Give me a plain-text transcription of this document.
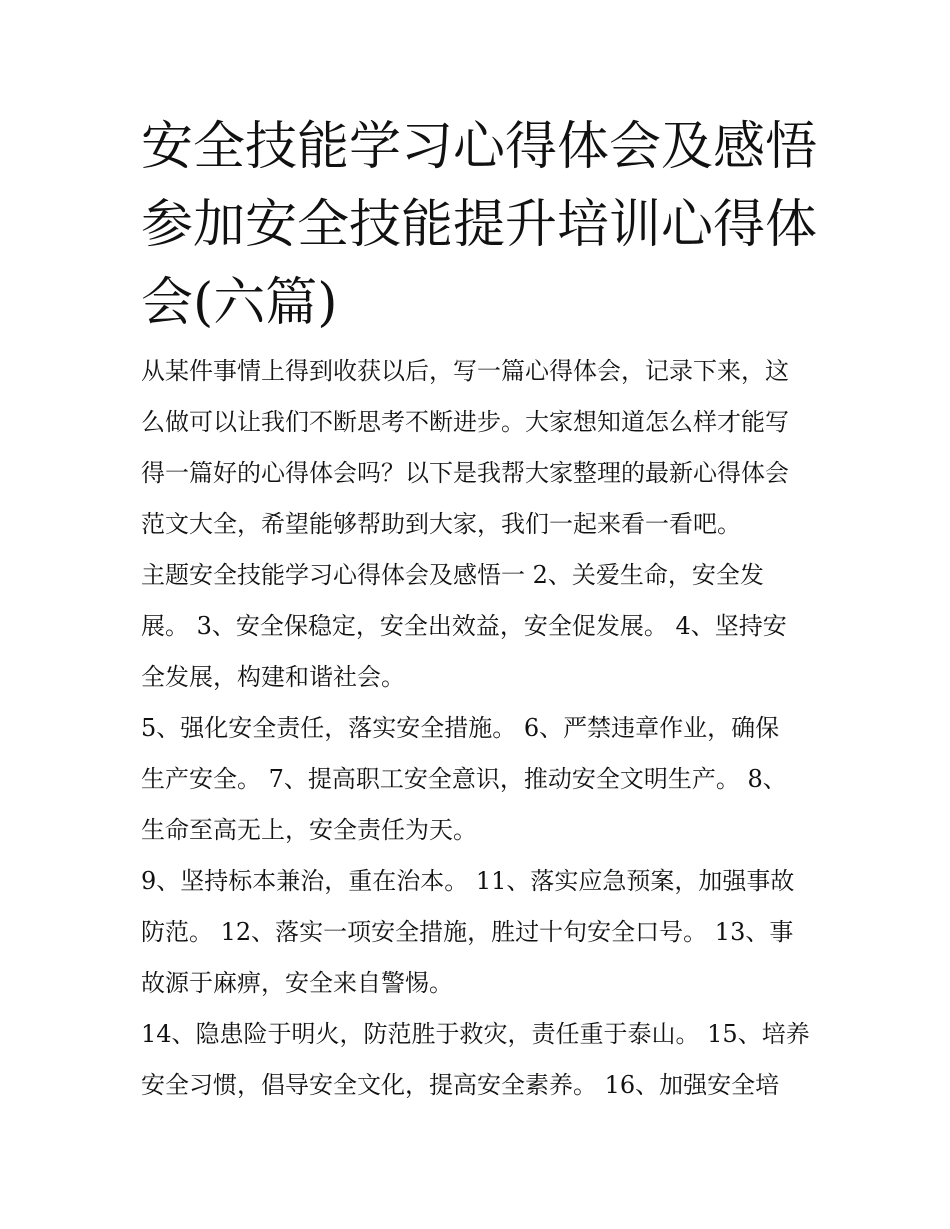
安全技能学习心得体会及感悟
参加安全技能提升培训心得体
会(六篇)
从某件事情上得到收获以后，写一篇心得体会，记录下来，这
么做可以让我们不断思考不断进步。大家想知道怎么样才能写
得一篇好的心得体会吗？以下是我帮大家整理的最新心得体会
范文大全，希望能够帮助到大家，我们一起来看一看吧。
主题安全技能学习心得体会及感悟一 2、关爱生命，安全发
展。 3、安全保稳定，安全出效益，安全促发展。 4、坚持安
全发展，构建和谐社会。
5、强化安全责任，落实安全措施。 6、严禁违章作业，确保
生产安全。 7、提高职工安全意识，推动安全文明生产。 8、
生命至高无上，安全责任为天。
9、坚持标本兼治，重在治本。 11、落实应急预案，加强事故
防范。 12、落实一项安全措施，胜过十句安全口号。 13、事
故源于麻痹，安全来自警惕。
14、隐患险于明火，防范胜于救灾，责任重于泰山。 15、培养
安全习惯，倡导安全文化，提高安全素养。 16、加强安全培
